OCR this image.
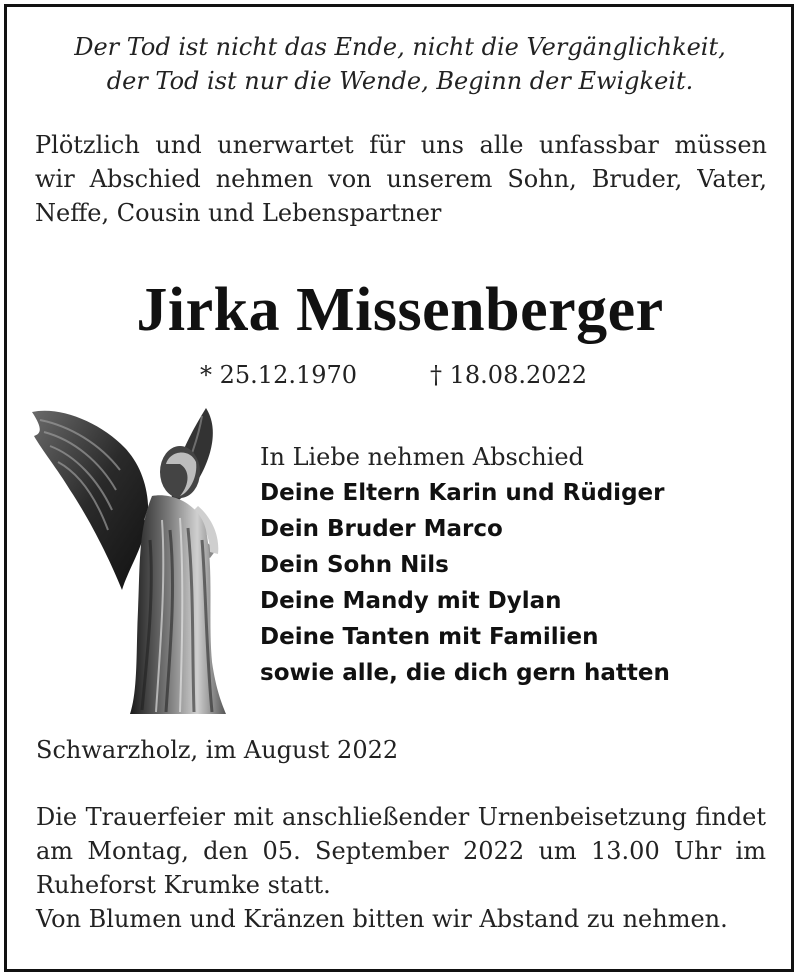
Der Tod ist nicht das Ende, nicht die Vergänglichkeit,
der Tod ist nur die Wende, Beginn der Ewigkeit.
Plötzlich und unerwartet für uns alle unfassbar müssen
wir Abschied nehmen von unserem Sohn, Bruder, Vater,
Neffe, Cousin und Lebenspartner
Jirka Missenberger
* 25.12.1970	† 18.08.2022
In Liebe nehmen Abschied
Deine Eltern Karin und Rüdiger
Dein Bruder Marco
Dein Sohn Nils
Deine Mandy mit Dylan
Deine Tanten mit Familien
sowie alle, die dich gern hatten
Schwarzholz, im August 2022
Die Trauerfeier mit anschließender Urnenbeisetzung findet
am Montag, den 05. September 2022 um 13.00 Uhr im
Ruheforst Krumke statt.
Von Blumen und Kränzen bitten wir Abstand zu nehmen.
